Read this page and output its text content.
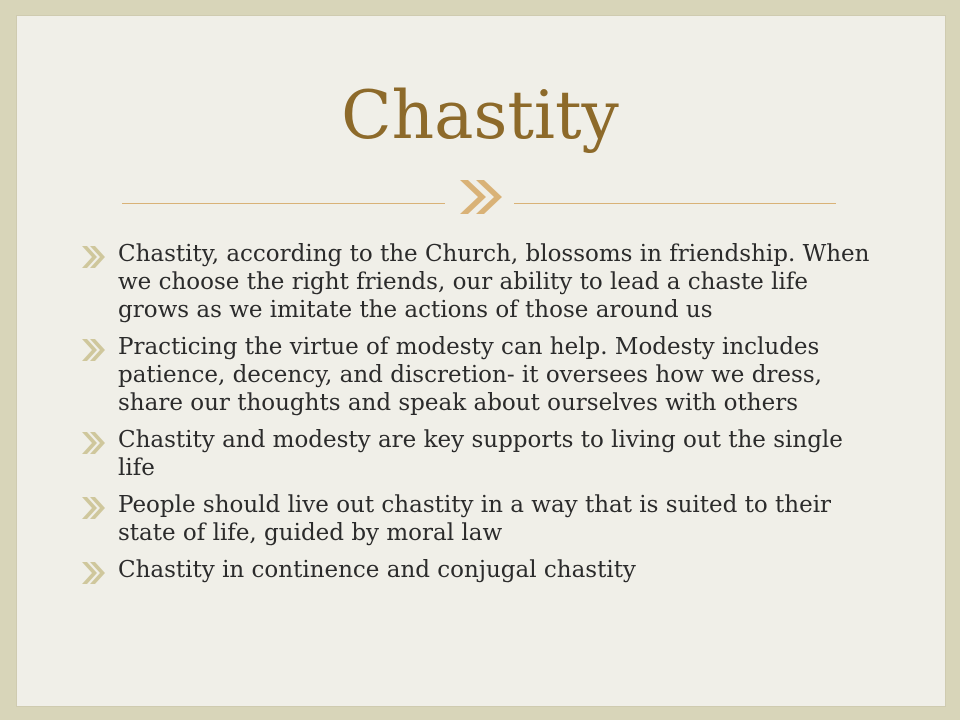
Chastity
Chastity, according to the Church, blossoms in friendship. When we choose the right friends, our ability to lead a chaste life grows as we imitate the actions of those around us
Practicing the virtue of modesty can help. Modesty includes patience, decency, and discretion- it oversees how we dress, share our thoughts and speak about ourselves with others
Chastity and modesty are key supports to living out the single life
People should live out chastity in a way that is suited to their state of life, guided by moral law
Chastity in continence and conjugal chastity
